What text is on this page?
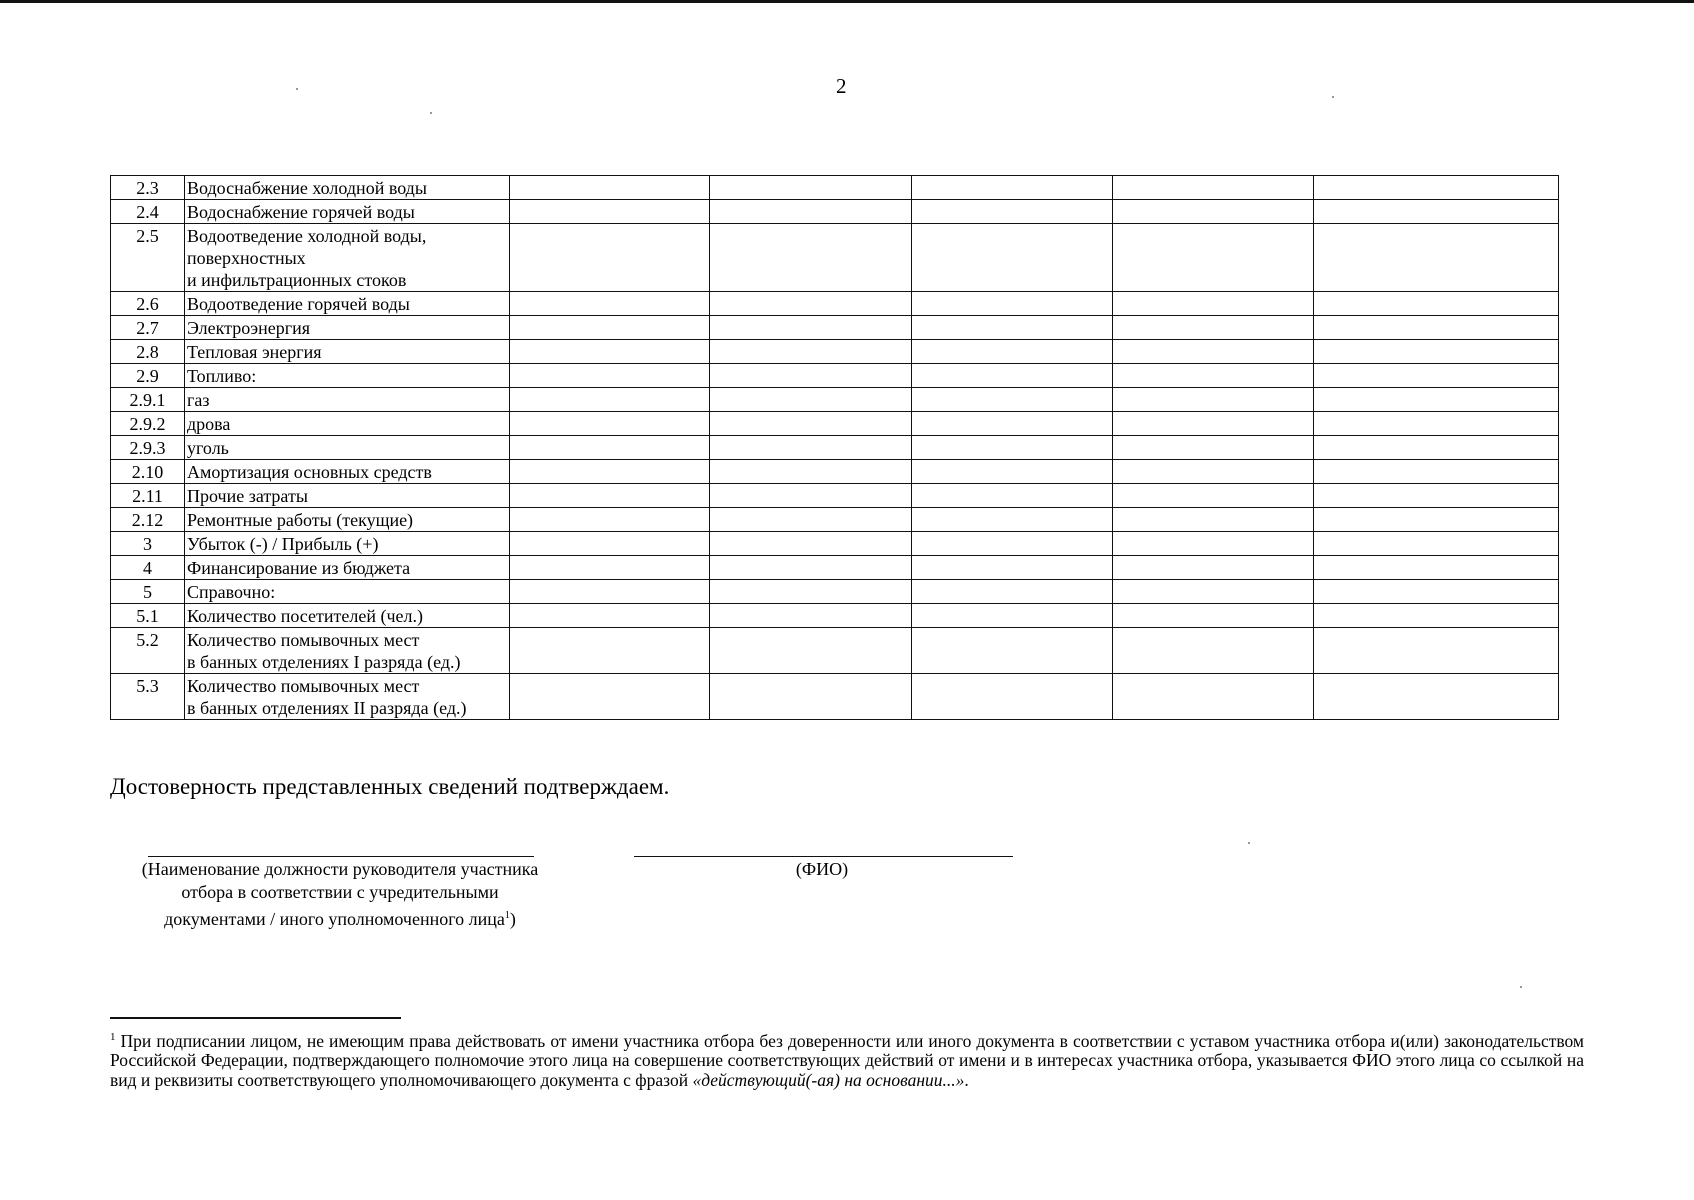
2
2.3	Водоснабжение холодной воды					

2.4	Водоснабжение горячей воды					

2.5	Водоотведение холодной воды,
поверхностных
и инфильтрационных стоков					

2.6	Водоотведение горячей воды					

2.7	Электроэнергия					

2.8	Тепловая энергия					

2.9	Топливо:					

2.9.1	газ					

2.9.2	дрова					

2.9.3	уголь					

2.10	Амортизация основных средств					

2.11	Прочие затраты					

2.12	Ремонтные работы (текущие)					

3	Убыток (-) / Прибыль (+)					

4	Финансирование из бюджета					

5	Справочно:					

5.1	Количество посетителей (чел.)					

5.2	Количество помывочных мест
в банных отделениях I разряда (ед.)					

5.3	Количество помывочных мест
в банных отделениях II разряда (ед.)					

Достоверность представленных сведений подтверждаем.
(Наименование должности руководителя участника
отбора в соответствии с учредительными
документами / иного уполномоченного лица$^1$)
(ФИО)
$^1$ При подписании лицом, не имеющим права действовать от имени участника отбора без доверенности или иного документа в соответствии с уставом участника отбора и(или) законодательством Российской Федерации, подтверждающего полномочие этого лица на совершение соответствующих действий от имени и в интересах участника отбора, указывается ФИО этого лица со ссылкой на вид и реквизиты соответствующего уполномочивающего документа с фразой «действующий(-ая) на основании...».
